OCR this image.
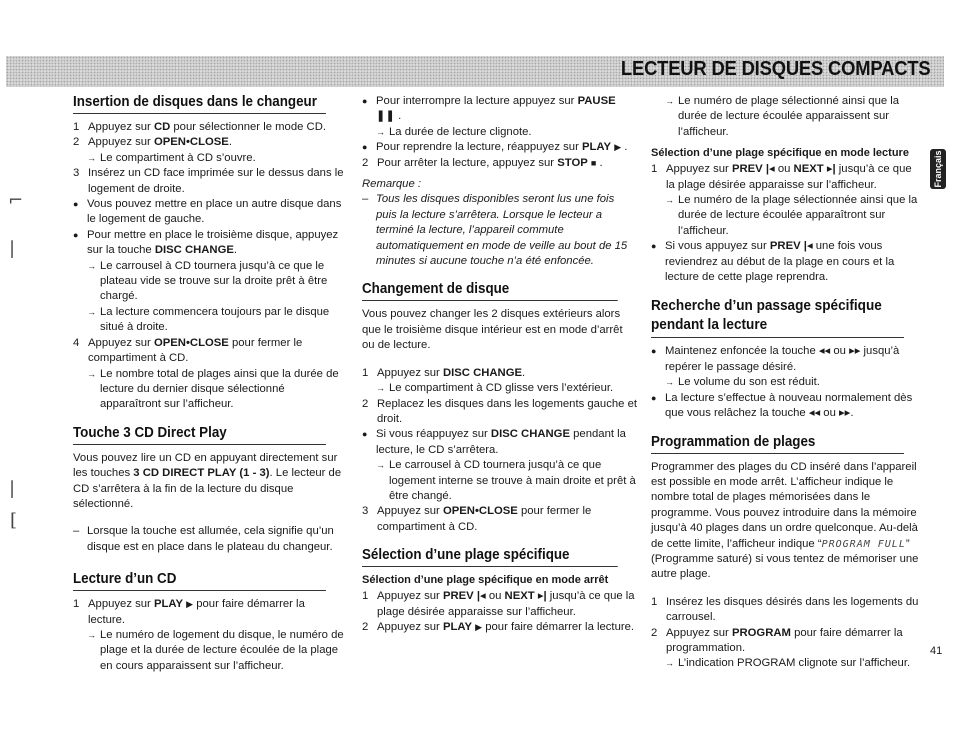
LECTEUR DE DISQUES COMPACTS
⌐
|
|
[
Insertion de disques dans le changeur
1 Appuyez sur CD pour sélectionner le mode CD.
2 Appuyez sur OPEN•CLOSE.
→ Le compartiment à CD s’ouvre.
3 Insérez un CD face imprimée sur le dessus dans le logement de droite.
● Vous pouvez mettre en place un autre disque dans le logement de gauche.
● Pour mettre en place le troisième disque, appuyez sur la touche DISC CHANGE.
→ Le carrousel à CD tournera jusqu’à ce que le plateau vide se trouve sur la droite prêt à être chargé.
→ La lecture commencera toujours par le disque situé à droite.
4 Appuyez sur OPEN•CLOSE pour fermer le compartiment à CD.
→ Le nombre total de plages ainsi que la durée de lecture du dernier disque sélectionné apparaîtront sur l’afficheur.
Touche 3 CD Direct Play

Vous pouvez lire un CD en appuyant directement sur les touches 3 CD DIRECT PLAY (1 - 3). Le lecteur de CD s’arrêtera à la fin de la lecture du disque sélectionné.

– Lorsque la touche est allumée, cela signifie qu’un disque est en place dans le plateau du changeur.
Lecture d’un CD
1 Appuyez sur PLAY ▶ pour faire démarrer la lecture.
→ Le numéro de logement du disque, le numéro de plage et la durée de lecture écoulée de la plage en cours apparaissent sur l’afficheur.
● Pour interrompre la lecture appuyez sur PAUSE ❚❚ .
→ La durée de lecture clignote.
● Pour reprendre la lecture, réappuyez sur PLAY ▶ .
2 Pour arrêter la lecture, appuyez sur STOP ■ .

Remarque :

– Tous les disques disponibles seront lus une fois puis la lecture s’arrêtera. Lorsque le lecteur a terminé la lecture, l’appareil commute automatiquement en mode de veille au bout de 15 minutes si aucune touche n’a été enfoncée.
Changement de disque

Vous pouvez changer les 2 disques extérieurs alors que le troisième disque intérieur est en mode d’arrêt ou de lecture.

1 Appuyez sur DISC CHANGE.
→ Le compartiment à CD glisse vers l’extérieur.
2 Replacez les disques dans les logements gauche et droit.
● Si vous réappuyez sur DISC CHANGE pendant la lecture, le CD s’arrêtera.
→ Le carrousel à CD tournera jusqu’à ce que logement interne se trouve à main droite et prêt à être changé.
3 Appuyez sur OPEN•CLOSE pour fermer le compartiment à CD.
Sélection d’une plage spécifique
Sélection d’une plage spécifique en mode arrêt
1 Appuyez sur PREV |◂ ou NEXT ▸| jusqu’à ce que la plage désirée apparaisse sur l’afficheur.
2 Appuyez sur PLAY ▶ pour faire démarrer la lecture.
→ Le numéro de plage sélectionné ainsi que la durée de lecture écoulée apparaissent sur l’afficheur.
Sélection d’une plage spécifique en mode lecture
1 Appuyez sur PREV |◂ ou NEXT ▸| jusqu’à ce que la plage désirée apparaisse sur l’afficheur.
→ Le numéro de la plage sélectionnée ainsi que la durée de lecture écoulée apparaîtront sur l’afficheur.
● Si vous appuyez sur PREV |◂ une fois vous reviendrez au début de la plage en cours et la lecture de cette plage reprendra.
Recherche d’un passage spécifique pendant la lecture
● Maintenez enfoncée la touche ◂◂ ou ▸▸ jusqu’à repérer le passage désiré.
→ Le volume du son est réduit.
● La lecture s’effectue à nouveau normalement dès que vous relâchez la touche ◂◂ ou ▸▸.
Programmation de plages

Programmer des plages du CD inséré dans l’appareil est possible en mode arrêt. L’afficheur indique le nombre total de plages mémorisées dans le programme. Vous pouvez introduire dans la mémoire jusqu’à 40 plages dans un ordre quelconque. Au-delà de cette limite, l’afficheur indique “PROGRAM FULL” (Programme saturé) si vous tentez de mémoriser une autre plage.

1 Insérez les disques désirés dans les logements du carrousel.
2 Appuyez sur PROGRAM pour faire démarrer la programmation.
→ L’indication PROGRAM clignote sur l’afficheur.
Français
41
